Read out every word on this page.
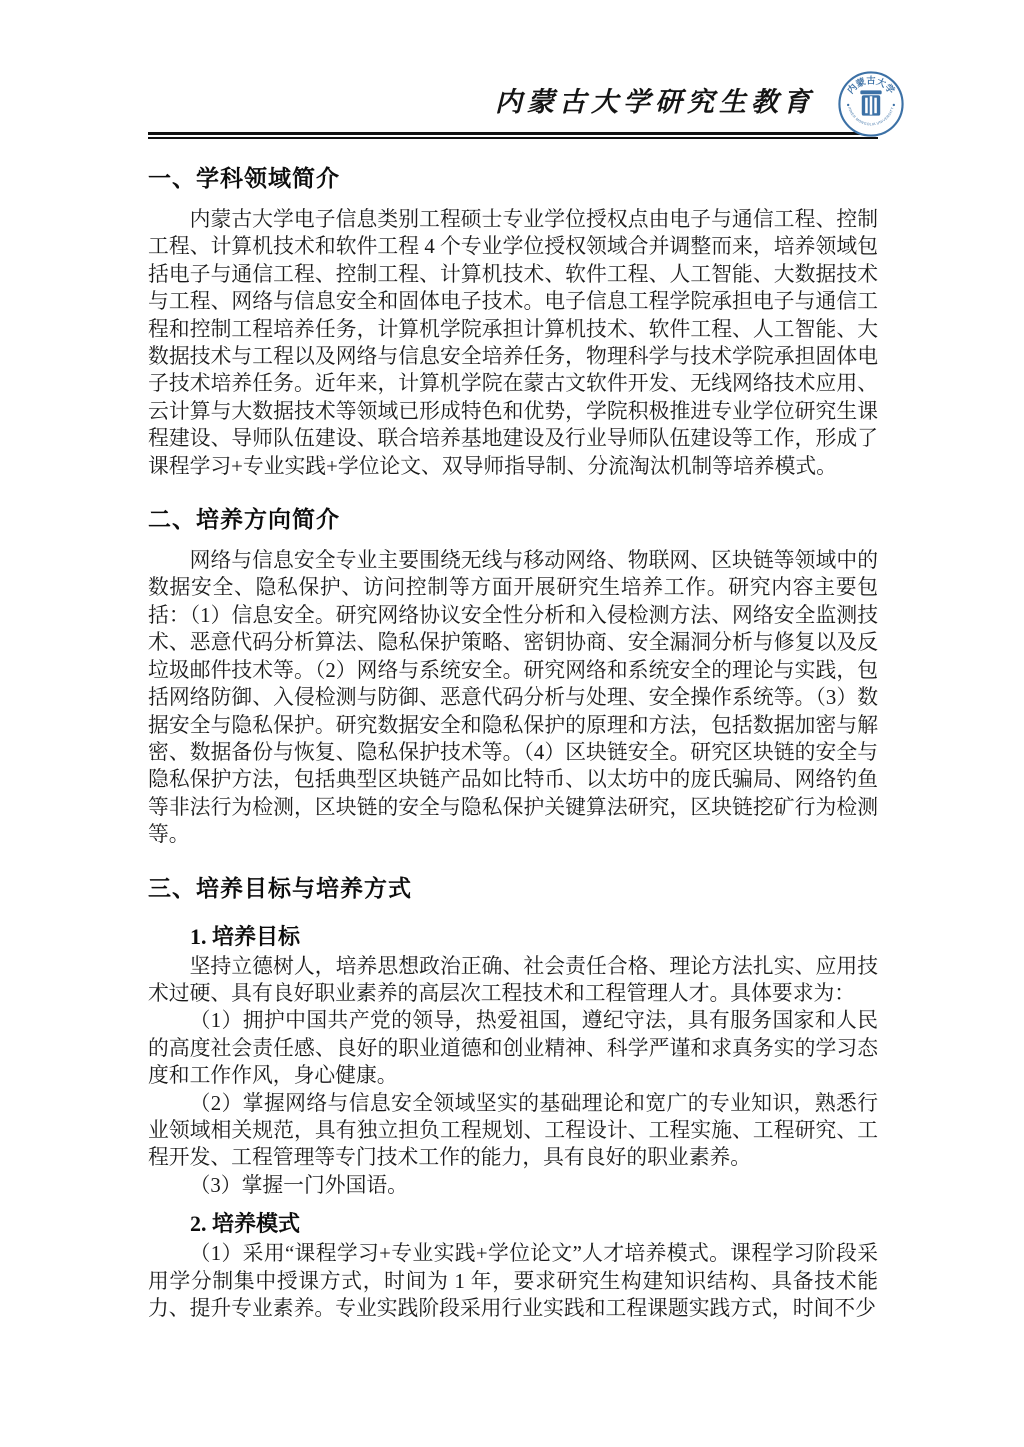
内蒙古大学研究生教育	内蒙古大学
INNER MONGOLIA UNIVERSITY
一、学科领域简介

内蒙古大学电子信息类别工程硕士专业学位授权点由电子与通信工程、控制工程、计算机技术和软件工程 4 个专业学位授权领域合并调整而来，培养领域包括电子与通信工程、控制工程、计算机技术、软件工程、人工智能、大数据技术与工程、网络与信息安全和固体电子技术。电子信息工程学院承担电子与通信工程和控制工程培养任务，计算机学院承担计算机技术、软件工程、人工智能、大数据技术与工程以及网络与信息安全培养任务，物理科学与技术学院承担固体电子技术培养任务。近年来，计算机学院在蒙古文软件开发、无线网络技术应用、云计算与大数据技术等领域已形成特色和优势，学院积极推进专业学位研究生课程建设、导师队伍建设、联合培养基地建设及行业导师队伍建设等工作，形成了课程学习+专业实践+学位论文、双导师指导制、分流淘汰机制等培养模式。

二、培养方向简介

网络与信息安全专业主要围绕无线与移动网络、物联网、区块链等领域中的数据安全、隐私保护、访问控制等方面开展研究生培养工作。研究内容主要包括：（1）信息安全。研究网络协议安全性分析和入侵检测方法、网络安全监测技术、恶意代码分析算法、隐私保护策略、密钥协商、安全漏洞分析与修复以及反垃圾邮件技术等。（2）网络与系统安全。研究网络和系统安全的理论与实践，包括网络防御、入侵检测与防御、恶意代码分析与处理、安全操作系统等。（3）数据安全与隐私保护。研究数据安全和隐私保护的原理和方法，包括数据加密与解密、数据备份与恢复、隐私保护技术等。（4）区块链安全。研究区块链的安全与隐私保护方法，包括典型区块链产品如比特币、以太坊中的庞氏骗局、网络钓鱼等非法行为检测，区块链的安全与隐私保护关键算法研究，区块链挖矿行为检测等。

三、培养目标与培养方式
1. 培养目标

坚持立德树人，培养思想政治正确、社会责任合格、理论方法扎实、应用技术过硬、具有良好职业素养的高层次工程技术和工程管理人才。具体要求为：

（1）拥护中国共产党的领导，热爱祖国，遵纪守法，具有服务国家和人民的高度社会责任感、良好的职业道德和创业精神、科学严谨和求真务实的学习态度和工作作风，身心健康。

（2）掌握网络与信息安全领域坚实的基础理论和宽广的专业知识，熟悉行业领域相关规范，具有独立担负工程规划、工程设计、工程实施、工程研究、工程开发、工程管理等专门技术工作的能力，具有良好的职业素养。

（3）掌握一门外国语。

2. 培养模式

（1）采用“课程学习+专业实践+学位论文”人才培养模式。课程学习阶段采用学分制集中授课方式，时间为 1 年，要求研究生构建知识结构、具备技术能力、提升专业素养。专业实践阶段采用行业实践和工程课题实践方式，时间不少
